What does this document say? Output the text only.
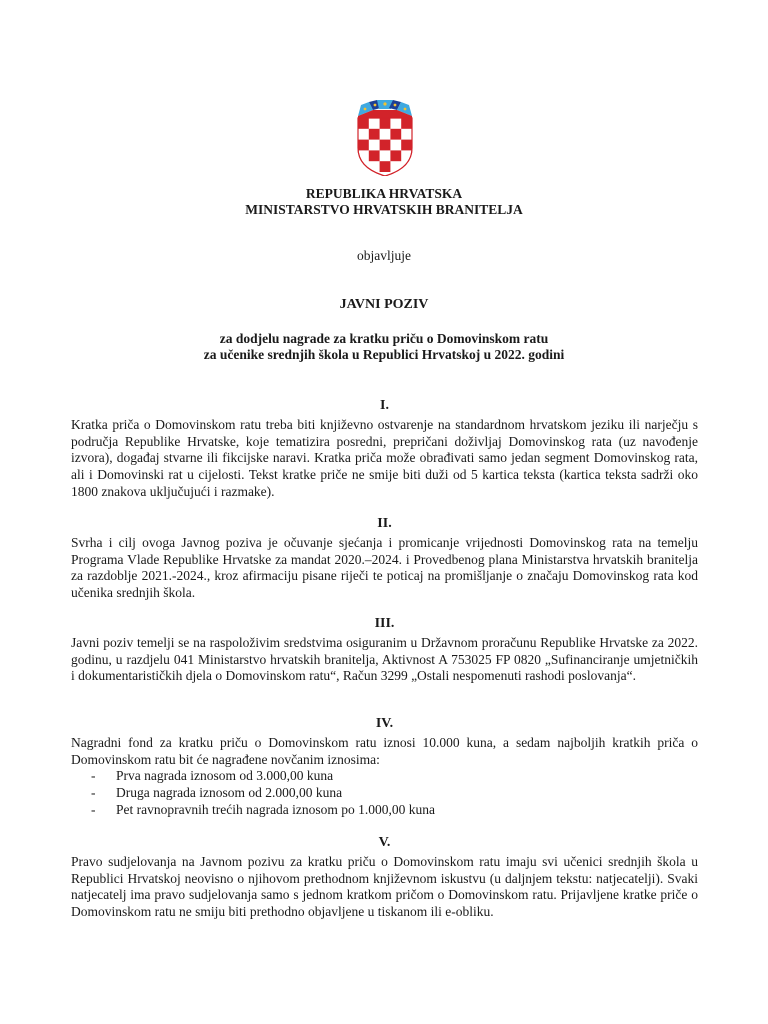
REPUBLIKA HRVATSKA
MINISTARSTVO HRVATSKIH BRANITELJA
objavljuje
JAVNI POZIV
za dodjelu nagrade za kratku priču o Domovinskom ratu
za učenike srednjih škola u Republici Hrvatskoj u 2022. godini
I.

Kratka priča o Domovinskom ratu treba biti književno ostvarenje na standardnom hrvatskom jeziku ili narječju s područja Republike Hrvatske, koje tematizira posredni, prepričani doživljaj Domovinskog rata (uz navođenje izvora), događaj stvarne ili fikcijske naravi. Kratka priča može obrađivati samo jedan segment Domovinskog rata, ali i Domovinski rat u cijelosti. Tekst kratke priče ne smije biti duži od 5 kartica teksta (kartica teksta sadrži oko 1800 znakova uključujući i razmake).

II.

Svrha i cilj ovoga Javnog poziva je očuvanje sjećanja i promicanje vrijednosti Domovinskog rata na temelju Programa Vlade Republike Hrvatske za mandat 2020.–2024. i Provedbenog plana Ministarstva hrvatskih branitelja za razdoblje 2021.-2024., kroz afirmaciju pisane riječi te poticaj na promišljanje o značaju Domovinskog rata kod učenika srednjih škola.

III.

Javni poziv temelji se na raspoloživim sredstvima osiguranim u Državnom proračunu Republike Hrvatske za 2022. godinu, u razdjelu 041 Ministarstvo hrvatskih branitelja, Aktivnost A 753025 FP 0820 „Sufinanciranje umjetničkih i dokumentarističkih djela o Domovinskom ratu“, Račun 3299 „Ostali nespomenuti rashodi poslovanja“.

IV.

Nagradni fond za kratku priču o Domovinskom ratu iznosi 10.000 kuna, a sedam najboljih kratkih priča o Domovinskom ratu bit će nagrađene novčanim iznosima:

- Prva nagrada iznosom od 3.000,00 kuna
- Druga nagrada iznosom od 2.000,00 kuna
- Pet ravnopravnih trećih nagrada iznosom po 1.000,00 kuna
V.

Pravo sudjelovanja na Javnom pozivu za kratku priču o Domovinskom ratu imaju svi učenici srednjih škola u Republici Hrvatskoj neovisno o njihovom prethodnom književnom iskustvu (u daljnjem tekstu: natjecatelji). Svaki natjecatelj ima pravo sudjelovanja samo s jednom kratkom pričom o Domovinskom ratu. Prijavljene kratke priče o Domovinskom ratu ne smiju biti prethodno objavljene u tiskanom ili e-obliku.
